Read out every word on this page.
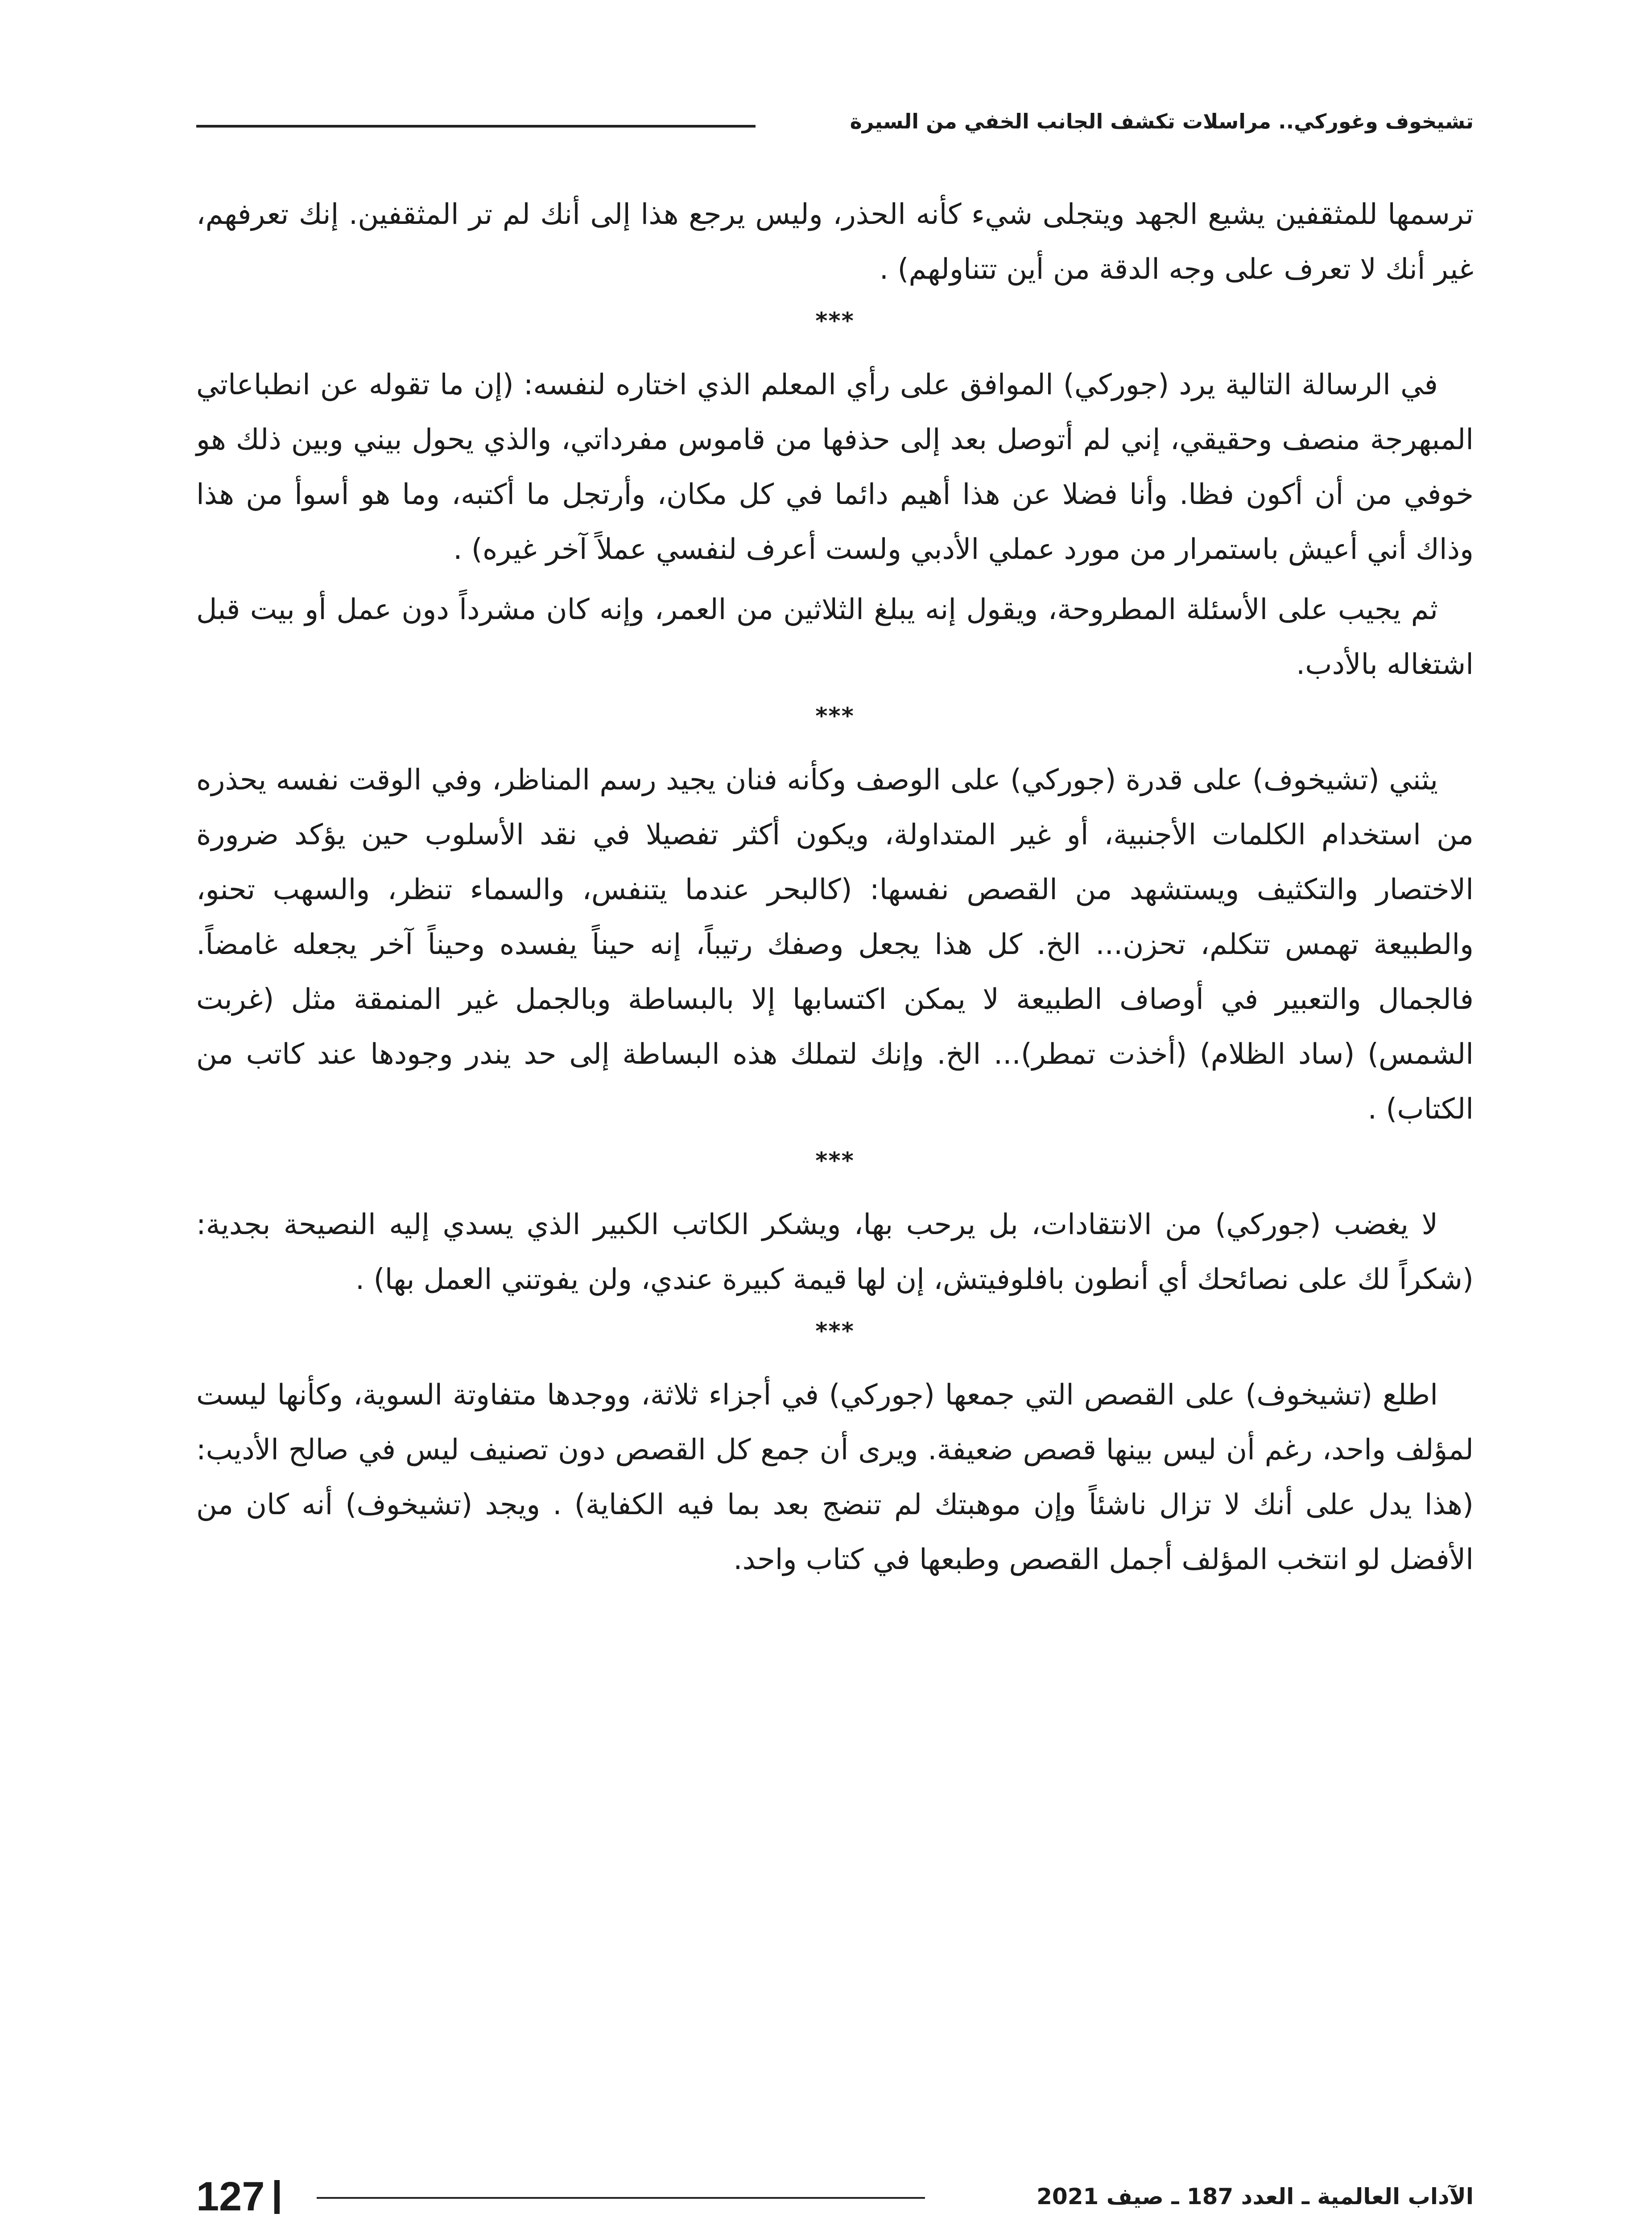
تشيخوف وغوركي.. مراسلات تكشف الجانب الخفي من السيرة

ترسمها للمثقفين يشيع الجهد ويتجلى شيء كأنه الحذر، وليس يرجع هذا إلى أنك لم تر المثقفين. إنك تعرفهم، غير أنك لا تعرف على وجه الدقة من أين تتناولهم) .

***

في الرسالة التالية يرد (جوركي) الموافق على رأي المعلم الذي اختاره لنفسه: (إن ما تقوله عن انطباعاتي المبهرجة منصف وحقيقي، إني لم أتوصل بعد إلى حذفها من قاموس مفرداتي، والذي يحول بيني وبين ذلك هو خوفي من أن أكون فظا. وأنا فضلا عن هذا أهيم دائما في كل مكان، وأرتجل ما أكتبه، وما هو أسوأ من هذا وذاك أني أعيش باستمرار من مورد عملي الأدبي ولست أعرف لنفسي عملاً آخر غيره) .

ثم يجيب على الأسئلة المطروحة، ويقول إنه يبلغ الثلاثين من العمر، وإنه كان مشرداً دون عمل أو بيت قبل اشتغاله بالأدب.

***

يثني (تشيخوف) على قدرة (جوركي) على الوصف وكأنه فنان يجيد رسم المناظر، وفي الوقت نفسه يحذره من استخدام الكلمات الأجنبية، أو غير المتداولة، ويكون أكثر تفصيلا في نقد الأسلوب حين يؤكد ضرورة الاختصار والتكثيف ويستشهد من القصص نفسها: (كالبحر عندما يتنفس، والسماء تنظر، والسهب تحنو، والطبيعة تهمس تتكلم، تحزن... الخ. كل هذا يجعل وصفك رتيباً، إنه حيناً يفسده وحيناً آخر يجعله غامضاً. فالجمال والتعبير في أوصاف الطبيعة لا يمكن اكتسابها إلا بالبساطة وبالجمل غير المنمقة مثل (غربت الشمس) (ساد الظلام) (أخذت تمطر)... الخ. وإنك لتملك هذه البساطة إلى حد يندر وجودها عند كاتب من الكتاب) .

***

لا يغضب (جوركي) من الانتقادات، بل يرحب بها، ويشكر الكاتب الكبير الذي يسدي إليه النصيحة بجدية: (شكراً لك على نصائحك أي أنطون بافلوفيتش، إن لها قيمة كبيرة عندي، ولن يفوتني العمل بها) .

***

اطلع (تشيخوف) على القصص التي جمعها (جوركي) في أجزاء ثلاثة، ووجدها متفاوتة السوية، وكأنها ليست لمؤلف واحد، رغم أن ليس بينها قصص ضعيفة. ويرى أن جمع كل القصص دون تصنيف ليس في صالح الأديب: (هذا يدل على أنك لا تزال ناشئاً وإن موهبتك لم تنضج بعد بما فيه الكفاية) . ويجد (تشيخوف) أنه كان من الأفضل لو انتخب المؤلف أجمل القصص وطبعها في كتاب واحد.

127	الآداب العالمية ـ العدد 187 ـ صيف 2021
